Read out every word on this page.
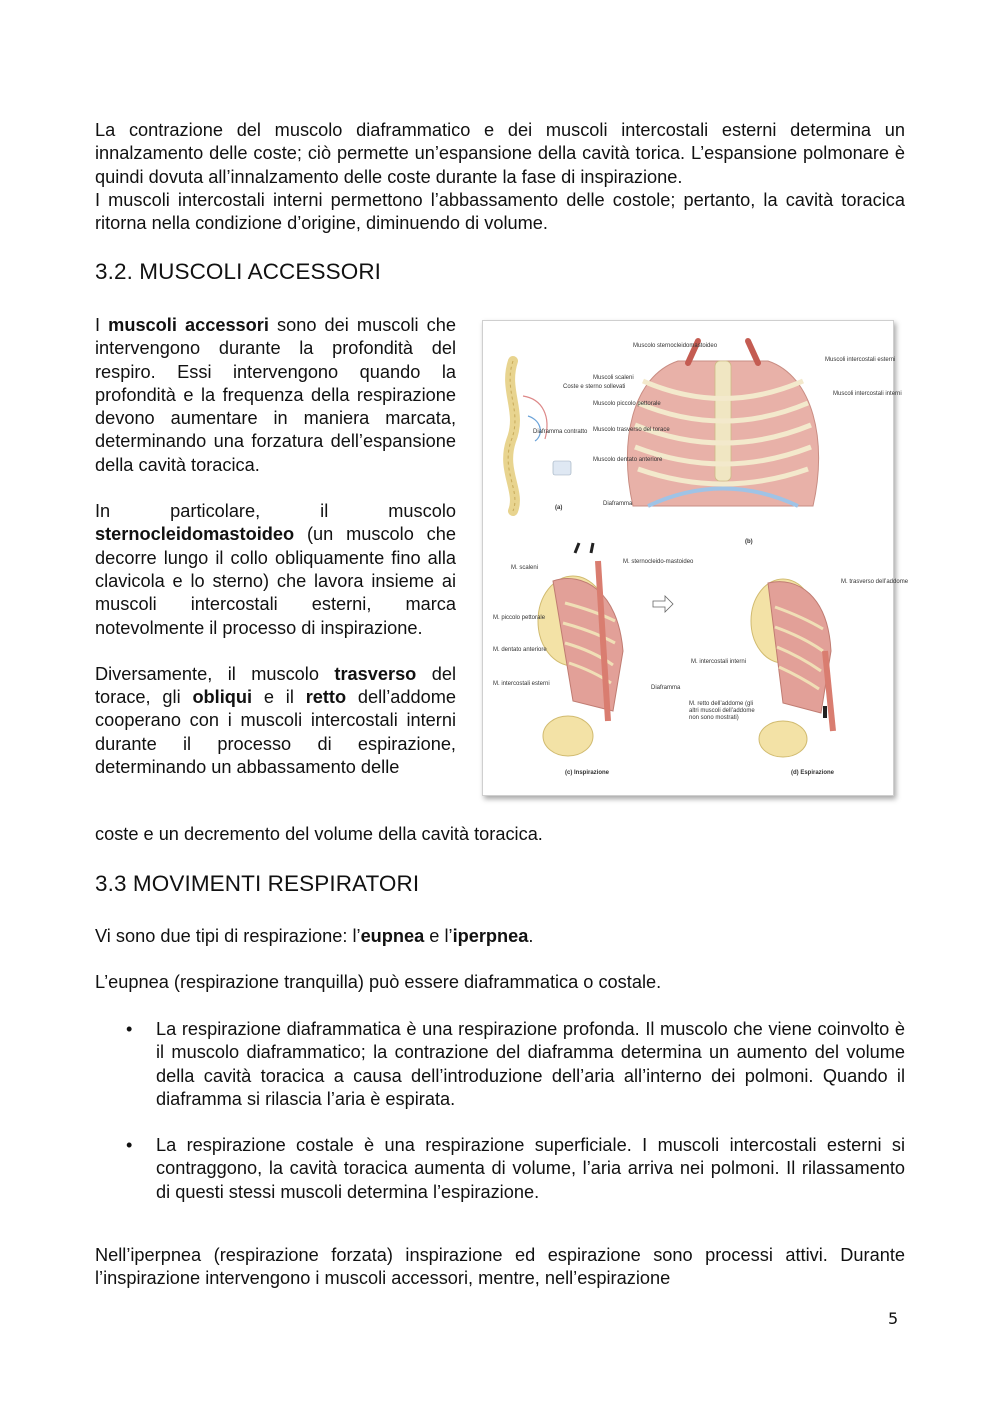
La contrazione del muscolo diaframmatico e dei muscoli intercostali esterni determina un innalzamento delle coste; ciò permette un’espansione della cavità torica. L’espansione polmonare è quindi dovuta all’innalzamento delle coste durante la fase di inspirazione.

I muscoli intercostali interni permettono l’abbassamento delle costole; pertanto, la cavità toracica ritorna nella condizione d’origine, diminuendo di volume.

3.2. MUSCOLI ACCESSORI

I muscoli accessori sono dei muscoli che intervengono durante la profondità del respiro. Essi intervengono quando la profondità e la frequenza della respirazione devono aumentare in maniera marcata, determinando una forzatura dell’espansione della cavità toracica.

In particolare, il muscolo sternocleidomastoideo (un muscolo che decorre lungo il collo obliquamente fino alla clavicola e lo sterno) che lavora insieme ai muscoli intercostali esterni, marca notevolmente il processo di inspirazione.

Diversamente, il muscolo trasverso del torace, gli obliqui e il retto dell’addome cooperano con i muscoli intercostali interni durante il processo di espirazione, determinando un abbassamento delle

coste e un decremento del volume della cavità toracica.
Coste e sterno sollevati
Diaframma contratto
(a)
Muscolo sternocleidomastoideo
Muscoli scaleni
Muscolo piccolo pettorale
Muscolo trasverso del torace
Muscolo dentato anteriore
Diaframma
Muscoli intercostali esterni
Muscoli intercostali interni
(b)
M. scaleni
M. sternocleido-mastoideo
M. piccolo pettorale
M. dentato anteriore
M. intercostali esterni
Diaframma
(c) Inspirazione
M. trasverso dell’addome
M. intercostali interni
M. retto dell’addome (gli altri muscoli dell’addome non sono mostrati)
(d) Espirazione
3.3 MOVIMENTI RESPIRATORI

Vi sono due tipi di respirazione: l’eupnea e l’iperpnea.

L’eupnea (respirazione tranquilla) può essere diaframmatica o costale.
• La respirazione diaframmatica è una respirazione profonda. Il muscolo che viene coinvolto è il muscolo diaframmatico; la contrazione del diaframma determina un aumento del volume della cavità toracica a causa dell’introduzione dell’aria all’interno dei polmoni. Quando il diaframma si rilascia l’aria è espirata.

• La respirazione costale è una respirazione superficiale. I muscoli intercostali esterni si contraggono, la cavità toracica aumenta di volume, l’aria arriva nei polmoni. Il rilassamento di questi stessi muscoli determina l’espirazione.

Nell’iperpnea (respirazione forzata) inspirazione ed espirazione sono processi attivi. Durante l’inspirazione intervengono i muscoli accessori, mentre, nell’espirazione
5
